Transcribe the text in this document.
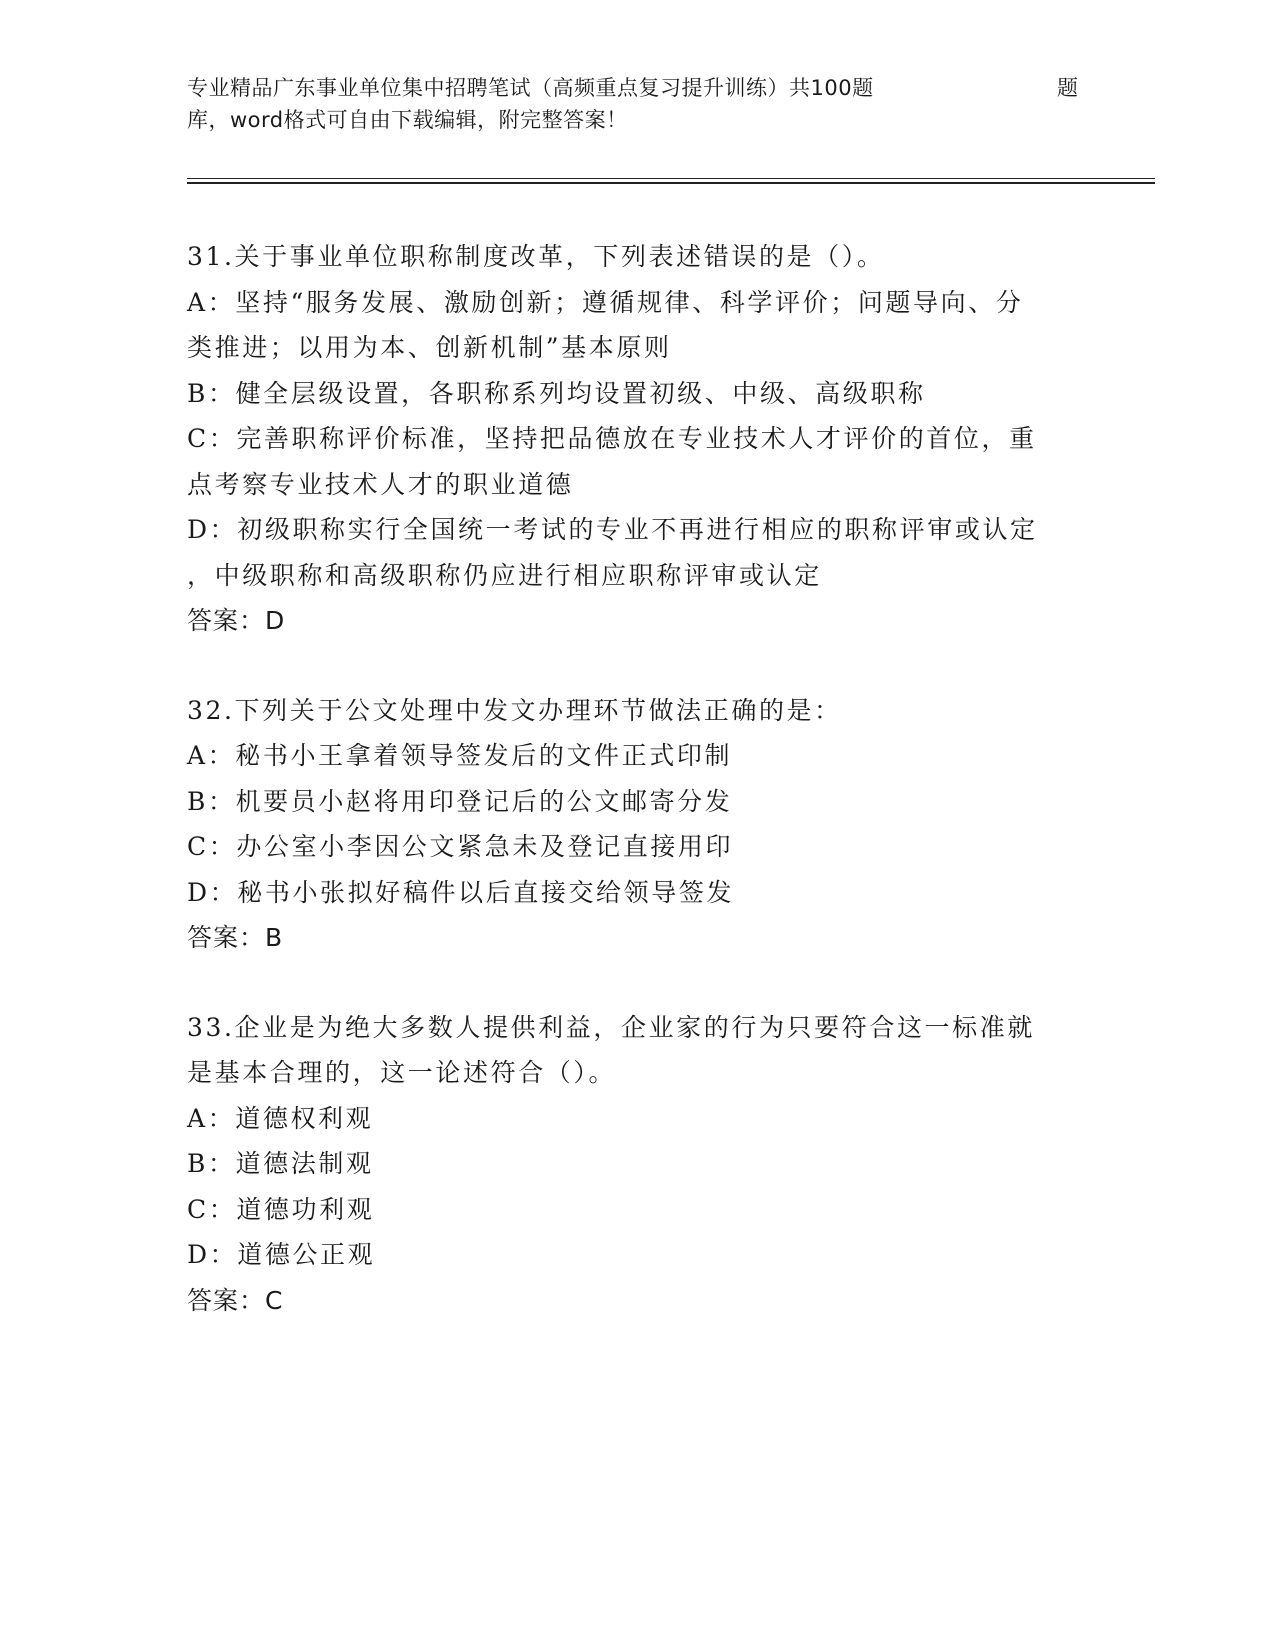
专业精品广东事业单位集中招聘笔试（高频重点复习提升训练）共100题	题
库，word格式可自由下载编辑，附完整答案！

31.关于事业单位职称制度改革，下列表述错误的是（）。

A：坚持“服务发展、激励创新；遵循规律、科学评价；问题导向、分

类推进；以用为本、创新机制”基本原则

B：健全层级设置，各职称系列均设置初级、中级、高级职称

C：完善职称评价标准，坚持把品德放在专业技术人才评价的首位，重

点考察专业技术人才的职业道德

D：初级职称实行全国统一考试的专业不再进行相应的职称评审或认定

，中级职称和高级职称仍应进行相应职称评审或认定

答案：D

32.下列关于公文处理中发文办理环节做法正确的是：

A：秘书小王拿着领导签发后的文件正式印制

B：机要员小赵将用印登记后的公文邮寄分发

C：办公室小李因公文紧急未及登记直接用印

D：秘书小张拟好稿件以后直接交给领导签发

答案：B

33.企业是为绝大多数人提供利益，企业家的行为只要符合这一标准就

是基本合理的，这一论述符合（）。

A：道德权利观

B：道德法制观

C：道德功利观

D：道德公正观

答案：C
